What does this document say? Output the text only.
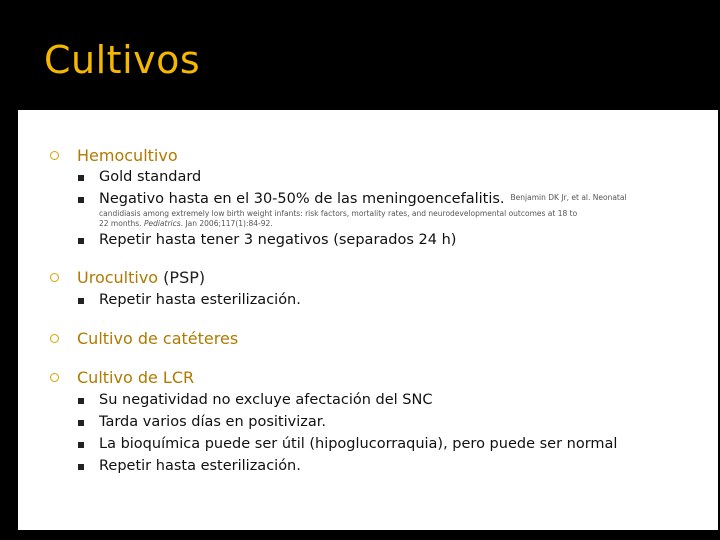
Cultivos
Hemocultivo
Gold standard
Negativo hasta en el 30-50% de las meningoencefalitis. Benjamin DK Jr, et al. Neonatal
candidiasis among extremely low birth weight infants: risk factors, mortality rates, and neurodevelopmental outcomes at 18 to
22 months. Pediatrics. Jan 2006;117(1):84-92.
Repetir hasta tener 3 negativos (separados 24 h)
Urocultivo (PSP)
Repetir hasta esterilización.
Cultivo de catéteres
Cultivo de LCR
Su negatividad no excluye afectación del SNC
Tarda varios días en positivizar.
La bioquímica puede ser útil (hipoglucorraquia), pero puede ser normal
Repetir hasta esterilización.
